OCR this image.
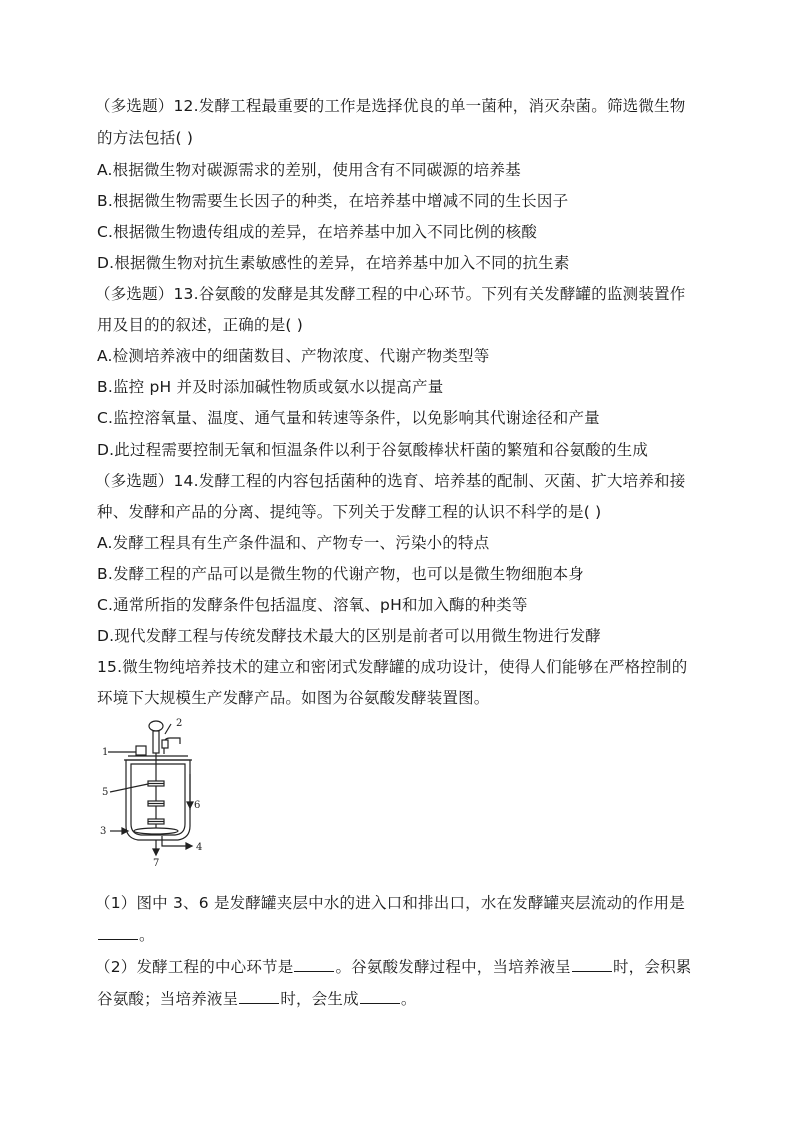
（多选题）12.发酵工程最重要的工作是选择优良的单一菌种，消灭杂菌。筛选微生物
的方法包括( )
A.根据微生物对碳源需求的差别，使用含有不同碳源的培养基
B.根据微生物需要生长因子的种类，在培养基中增减不同的生长因子
C.根据微生物遗传组成的差异，在培养基中加入不同比例的核酸
D.根据微生物对抗生素敏感性的差异，在培养基中加入不同的抗生素
（多选题）13.谷氨酸的发酵是其发酵工程的中心环节。下列有关发酵罐的监测装置作
用及目的的叙述，正确的是( )
A.检测培养液中的细菌数目、产物浓度、代谢产物类型等
B.监控 pH 并及时添加碱性物质或氨水以提高产量
C.监控溶氧量、温度、通气量和转速等条件，以免影响其代谢途径和产量
D.此过程需要控制无氧和恒温条件以利于谷氨酸棒状杆菌的繁殖和谷氨酸的生成
（多选题）14.发酵工程的内容包括菌种的选育、培养基的配制、灭菌、扩大培养和接
种、发酵和产品的分离、提纯等。下列关于发酵工程的认识不科学的是( )
A.发酵工程具有生产条件温和、产物专一、污染小的特点
B.发酵工程的产品可以是微生物的代谢产物，也可以是微生物细胞本身
C.通常所指的发酵条件包括温度、溶氧、pH和加入酶的种类等
D.现代发酵工程与传统发酵技术最大的区别是前者可以用微生物进行发酵
15.微生物纯培养技术的建立和密闭式发酵罐的成功设计，使得人们能够在严格控制的
环境下大规模生产发酵产品。如图为谷氨酸发酵装置图。
1
2
3
4
5
6
7
（1）图中 3、6 是发酵罐夹层中水的进入口和排出口，水在发酵罐夹层流动的作用是
。
（2）发酵工程的中心环节是	。谷氨酸发酵过程中，当培养液呈	时，会积累
谷氨酸；当培养液呈	时，会生成	。
